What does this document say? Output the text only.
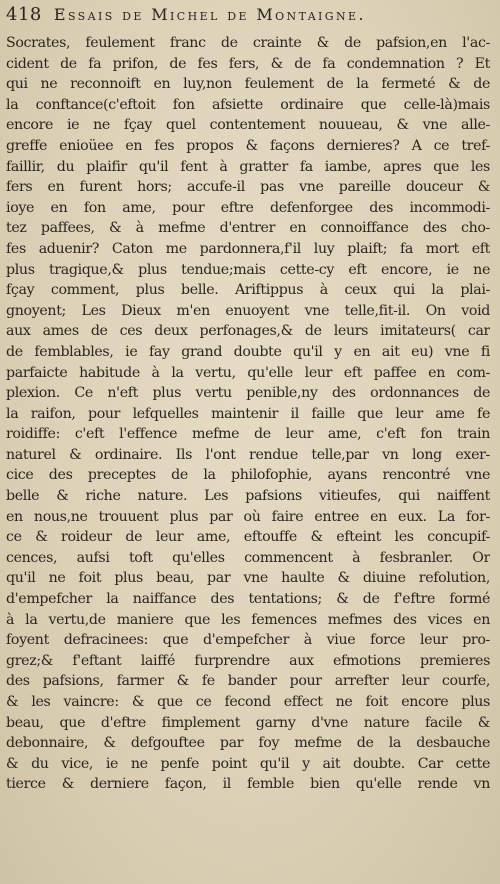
418 Essais de Michel de Montaigne.
Socrates, feulement franc de crainte & de pafsion,en l'ac-
cident de fa prifon, de fes fers, & de fa condemnation ? Et
qui ne reconnoift en luy,non feulement de la fermeté & de
la conftance(c'eftoit fon afsiette ordinaire que celle-là)mais
encore ie ne fçay quel contentement nouueau, & vne alle-
greffe enioüee en fes propos & façons dernieres? A ce tref-
faillir, du plaifir qu'il fent à gratter fa iambe, apres que les
fers en furent hors; accufe-il pas vne pareille douceur &
ioye en fon ame, pour eftre defenforgee des incommodi-
tez paffees, & à mefme d'entrer en connoiffance des cho-
fes aduenir? Caton me pardonnera,f'il luy plaift; fa mort eft
plus tragique,& plus tendue;mais cette-cy eft encore, ie ne
fçay comment, plus belle. Ariftippus à ceux qui la plai-
gnoyent; Les Dieux m'en enuoyent vne telle,fit-il. On void
aux ames de ces deux perfonages,& de leurs imitateurs( car
de femblables, ie fay grand doubte qu'il y en ait eu) vne fi
parfaicte habitude à la vertu, qu'elle leur eft paffee en com-
plexion. Ce n'eft plus vertu penible,ny des ordonnances de
la raifon, pour lefquelles maintenir il faille que leur ame fe
roidiffe: c'eft l'effence mefme de leur ame, c'eft fon train
naturel & ordinaire. Ils l'ont rendue telle,par vn long exer-
cice des preceptes de la philofophie, ayans rencontré vne
belle & riche nature. Les pafsions vitieufes, qui naiffent
en nous,ne trouuent plus par où faire entree en eux. La for-
ce & roideur de leur ame, eftouffe & efteint les concupif-
cences, aufsi toft qu'elles commencent à fesbranler. Or
qu'il ne foit plus beau, par vne haulte & diuine refolution,
d'empefcher la naiffance des tentations; & de f'eftre formé
à la vertu,de maniere que les femences mefmes des vices en
foyent defracinees: que d'empefcher à viue force leur pro-
grez;& f'eftant laiffé furprendre aux efmotions premieres
des pafsions, farmer & fe bander pour arrefter leur courfe,
& les vaincre: & que ce fecond effect ne foit encore plus
beau, que d'eftre fimplement garny d'vne nature facile &
debonnaire, & defgouftee par foy mefme de la desbauche
& du vice, ie ne penfe point qu'il y ait doubte. Car cette
tierce & derniere façon, il femble bien qu'elle rende vn
